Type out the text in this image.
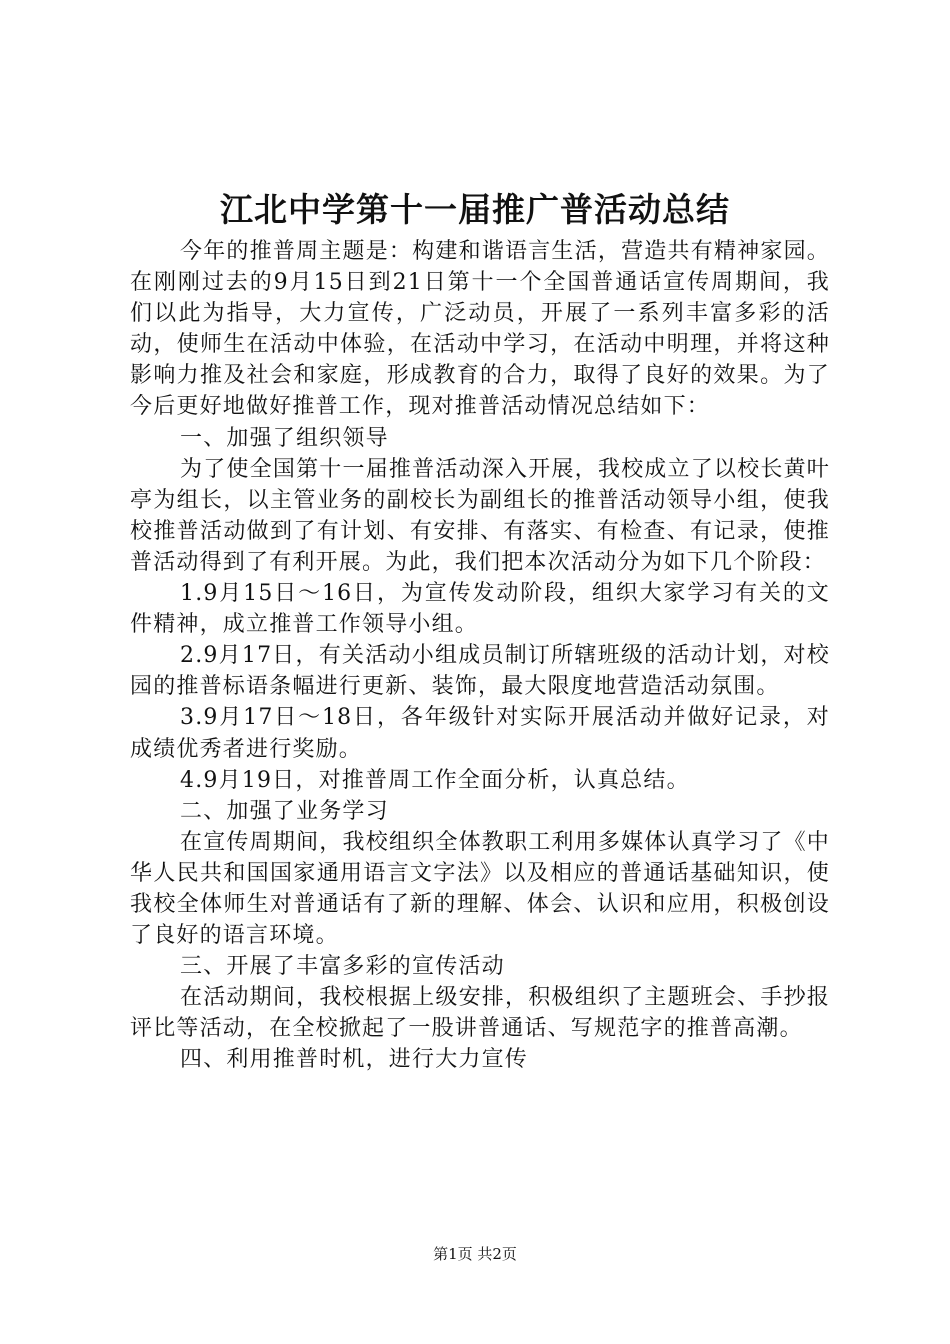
江北中学第十一届推广普活动总结

今年的推普周主题是：构建和谐语言生活，营造共有精神家园。在刚刚过去的9月15日到21日第十一个全国普通话宣传周期间，我们以此为指导，大力宣传，广泛动员，开展了一系列丰富多彩的活动，使师生在活动中体验，在活动中学习，在活动中明理，并将这种影响力推及社会和家庭，形成教育的合力，取得了良好的效果。为了今后更好地做好推普工作，现对推普活动情况总结如下：

一、加强了组织领导

为了使全国第十一届推普活动深入开展，我校成立了以校长黄叶亭为组长，以主管业务的副校长为副组长的推普活动领导小组，使我校推普活动做到了有计划、有安排、有落实、有检查、有记录，使推普活动得到了有利开展。为此，我们把本次活动分为如下几个阶段：

1.9月15日～16日，为宣传发动阶段，组织大家学习有关的文件精神，成立推普工作领导小组。

2.9月17日，有关活动小组成员制订所辖班级的活动计划，对校园的推普标语条幅进行更新、装饰，最大限度地营造活动氛围。

3.9月17日～18日，各年级针对实际开展活动并做好记录，对成绩优秀者进行奖励。

4.9月19日，对推普周工作全面分析，认真总结。

二、加强了业务学习

在宣传周期间，我校组织全体教职工利用多媒体认真学习了《中华人民共和国国家通用语言文字法》以及相应的普通话基础知识，使我校全体师生对普通话有了新的理解、体会、认识和应用，积极创设了良好的语言环境。

三、开展了丰富多彩的宣传活动

在活动期间，我校根据上级安排，积极组织了主题班会、手抄报评比等活动，在全校掀起了一股讲普通话、写规范字的推普高潮。

四、利用推普时机，进行大力宣传

第1页 共2页
